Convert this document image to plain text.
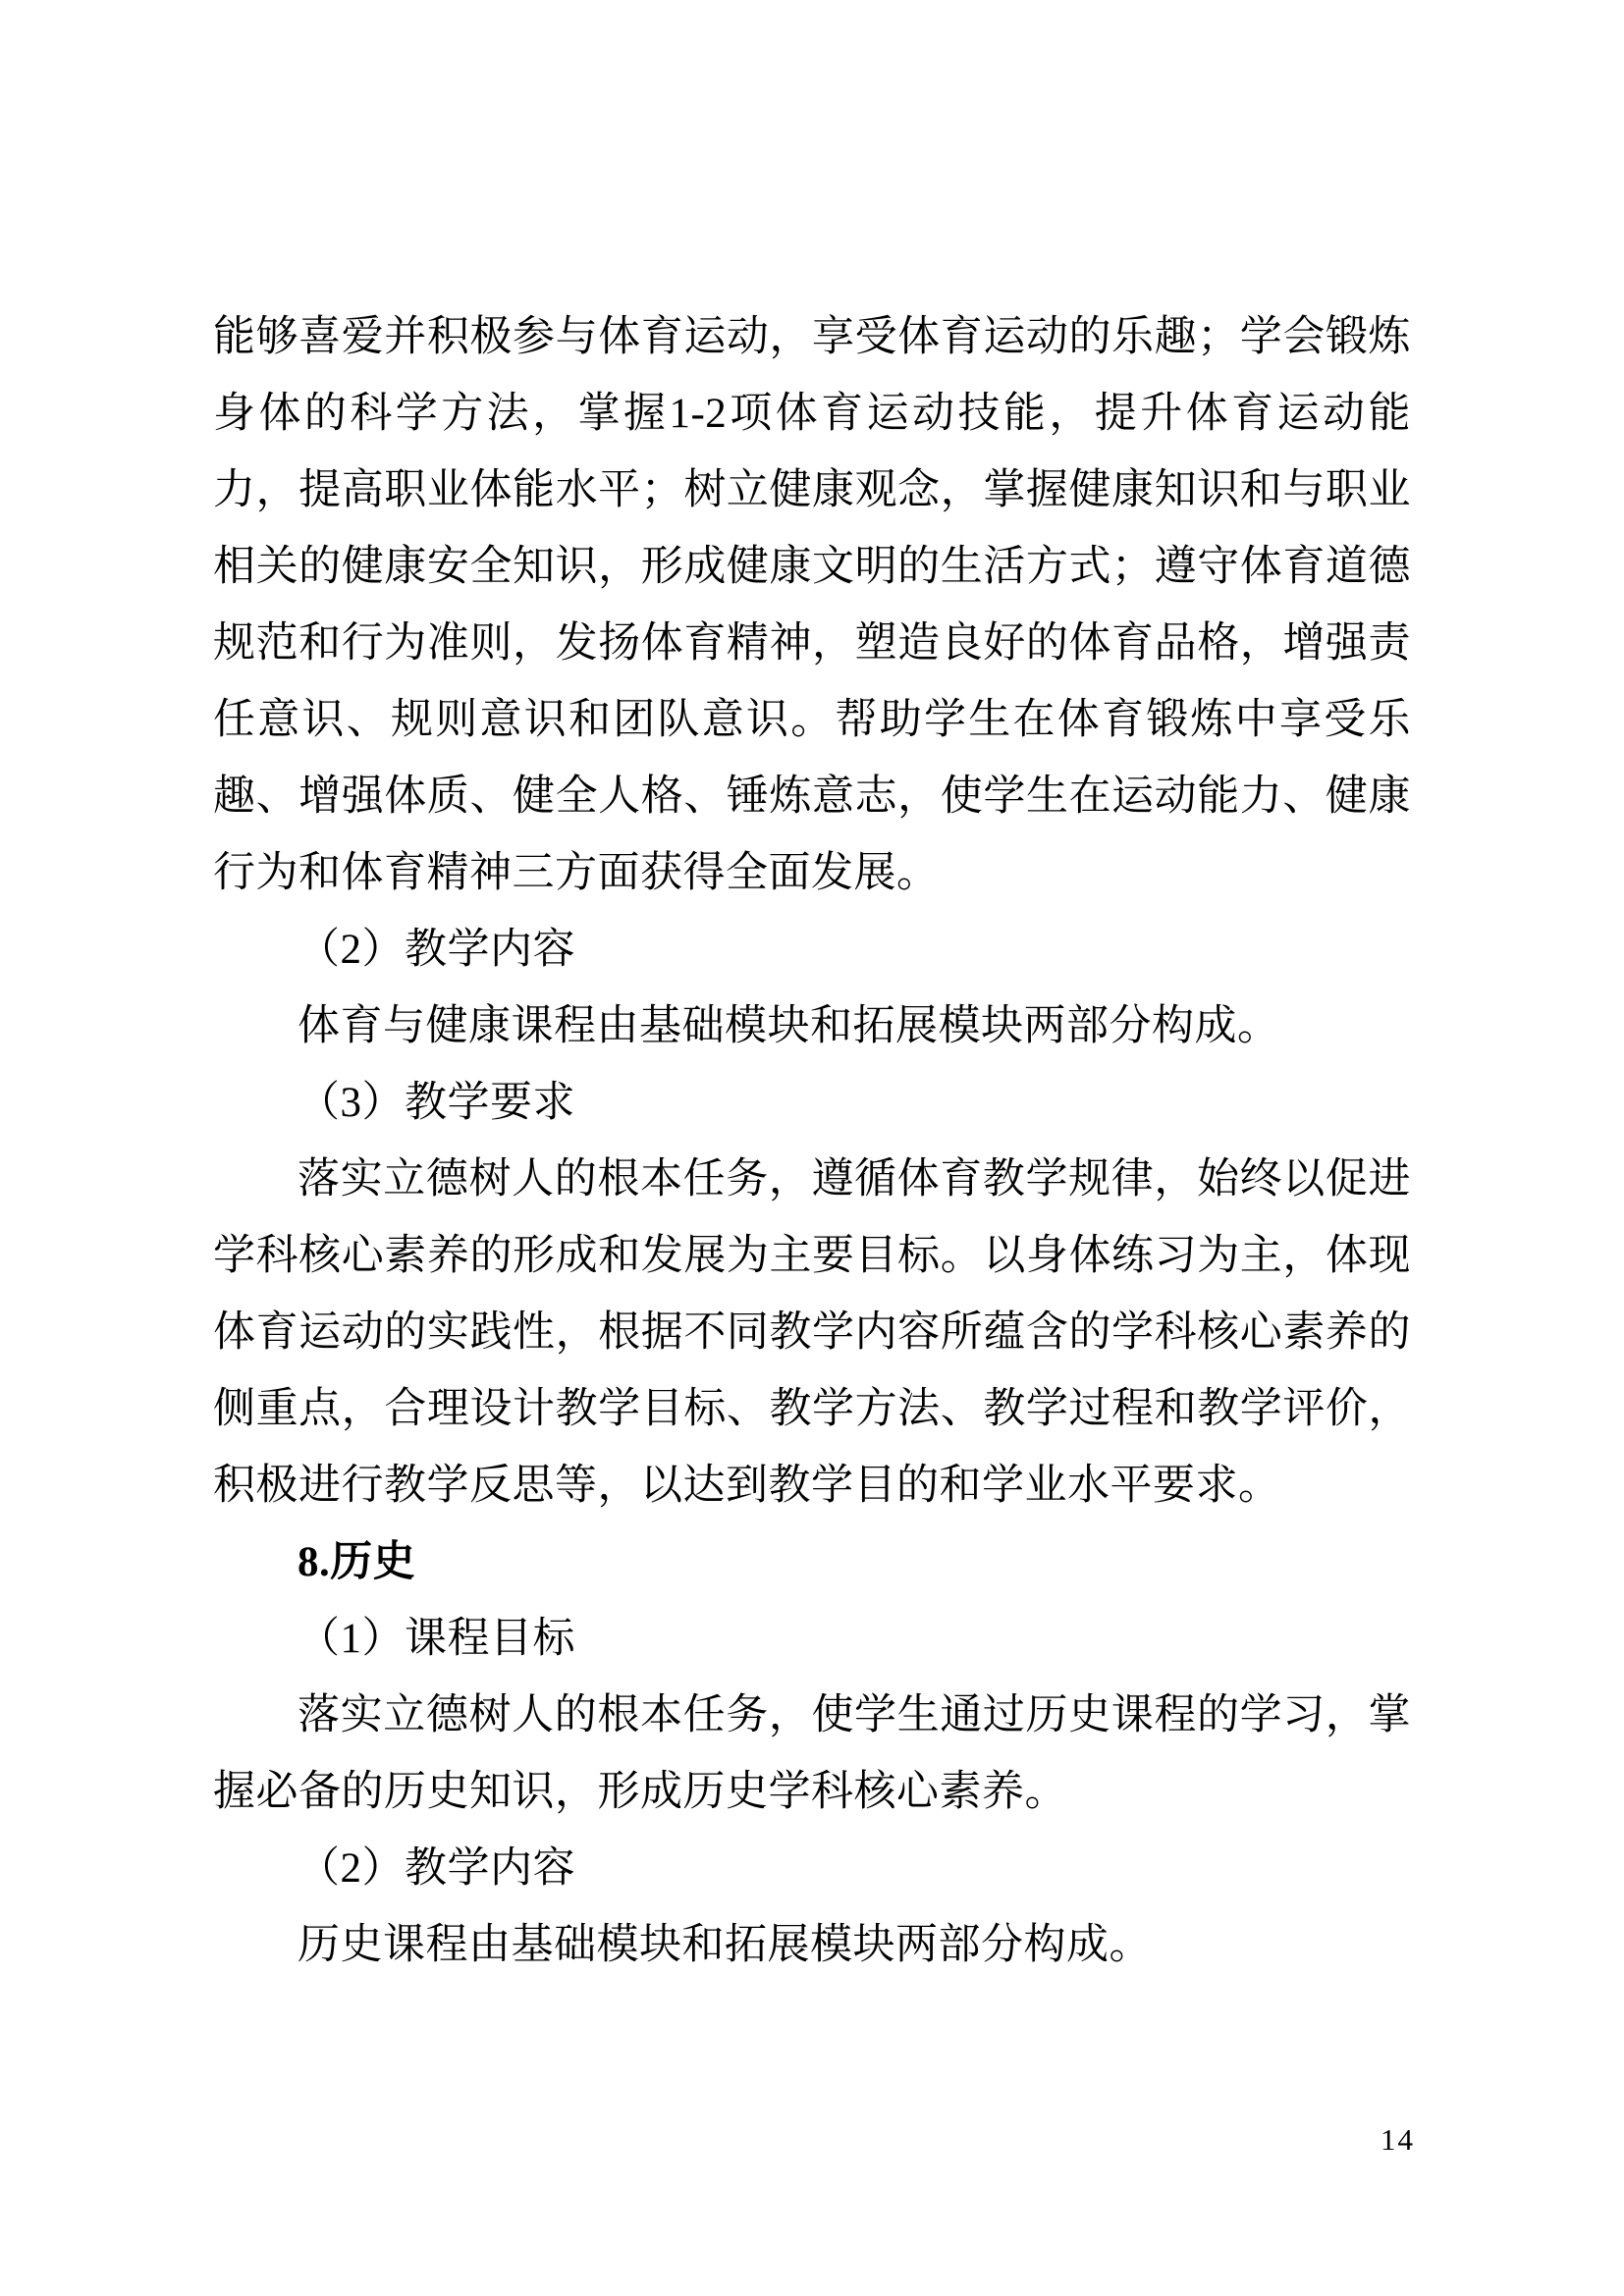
能够喜爱并积极参与体育运动，享受体育运动的乐趣；学会锻炼身体的科学方法，掌握1-2项体育运动技能，提升体育运动能力，提高职业体能水平；树立健康观念，掌握健康知识和与职业相关的健康安全知识，形成健康文明的生活方式；遵守体育道德规范和行为准则，发扬体育精神，塑造良好的体育品格，增强责任意识、规则意识和团队意识。帮助学生在体育锻炼中享受乐趣、增强体质、健全人格、锤炼意志，使学生在运动能力、健康行为和体育精神三方面获得全面发展。

（2）教学内容

体育与健康课程由基础模块和拓展模块两部分构成。

（3）教学要求

落实立德树人的根本任务，遵循体育教学规律，始终以促进学科核心素养的形成和发展为主要目标。以身体练习为主，体现体育运动的实践性，根据不同教学内容所蕴含的学科核心素养的侧重点，合理设计教学目标、教学方法、教学过程和教学评价，积极进行教学反思等，以达到教学目的和学业水平要求。

8.历史

（1）课程目标

落实立德树人的根本任务，使学生通过历史课程的学习，掌握必备的历史知识，形成历史学科核心素养。

（2）教学内容

历史课程由基础模块和拓展模块两部分构成。

14
